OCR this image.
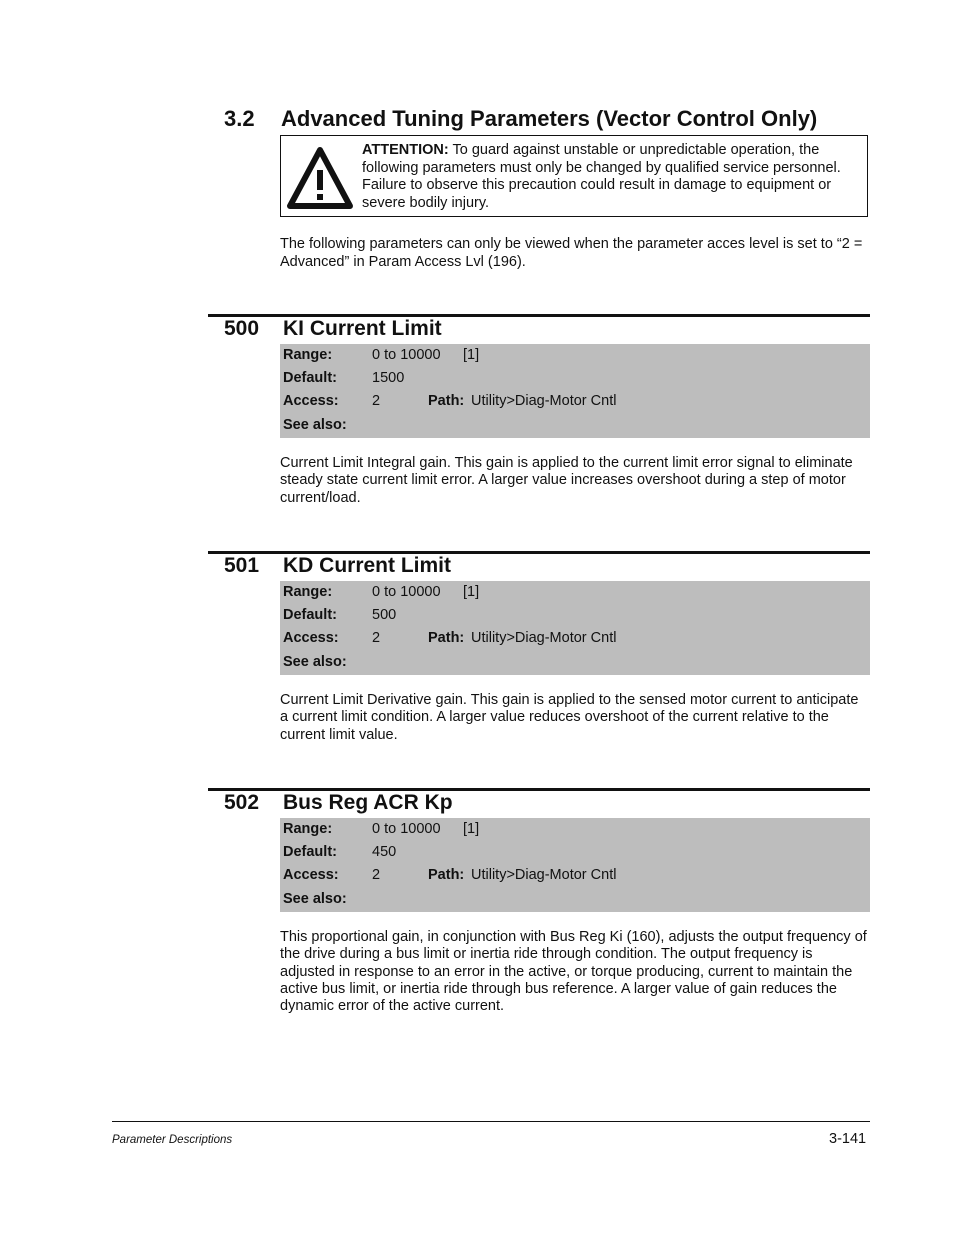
3.2 Advanced Tuning Parameters (Vector Control Only)
ATTENTION: To guard against unstable or unpredictable operation, the following parameters must only be changed by qualified service personnel. Failure to observe this precaution could result in damage to equipment or severe bodily injury.
The following parameters can only be viewed when the parameter acces level is set to “2 = Advanced” in Param Access Lvl (196).
500 KI Current Limit
Range:	0 to 10000 [1]
Default: 1500
Access: 2	Path: Utility>Diag-Motor Cntl
See also:
Current Limit Integral gain. This gain is applied to the current limit error signal to eliminate steady state current limit error. A larger value increases overshoot during a step of motor current/load.
501 KD Current Limit
Range:	0 to 10000 [1]
Default: 500
Access: 2	Path: Utility>Diag-Motor Cntl
See also:
Current Limit Derivative gain. This gain is applied to the sensed motor current to anticipate a current limit condition. A larger value reduces overshoot of the current relative to the current limit value.
502 Bus Reg ACR Kp
Range:	0 to 10000 [1]
Default: 450
Access: 2	Path: Utility>Diag-Motor Cntl
See also:
This proportional gain, in conjunction with Bus Reg Ki (160), adjusts the output frequency of the drive during a bus limit or inertia ride through condition. The output frequency is adjusted in response to an error in the active, or torque producing, current to maintain the active bus limit, or inertia ride through bus reference. A larger value of gain reduces the dynamic error of the active current.
Parameter Descriptions	3-141
